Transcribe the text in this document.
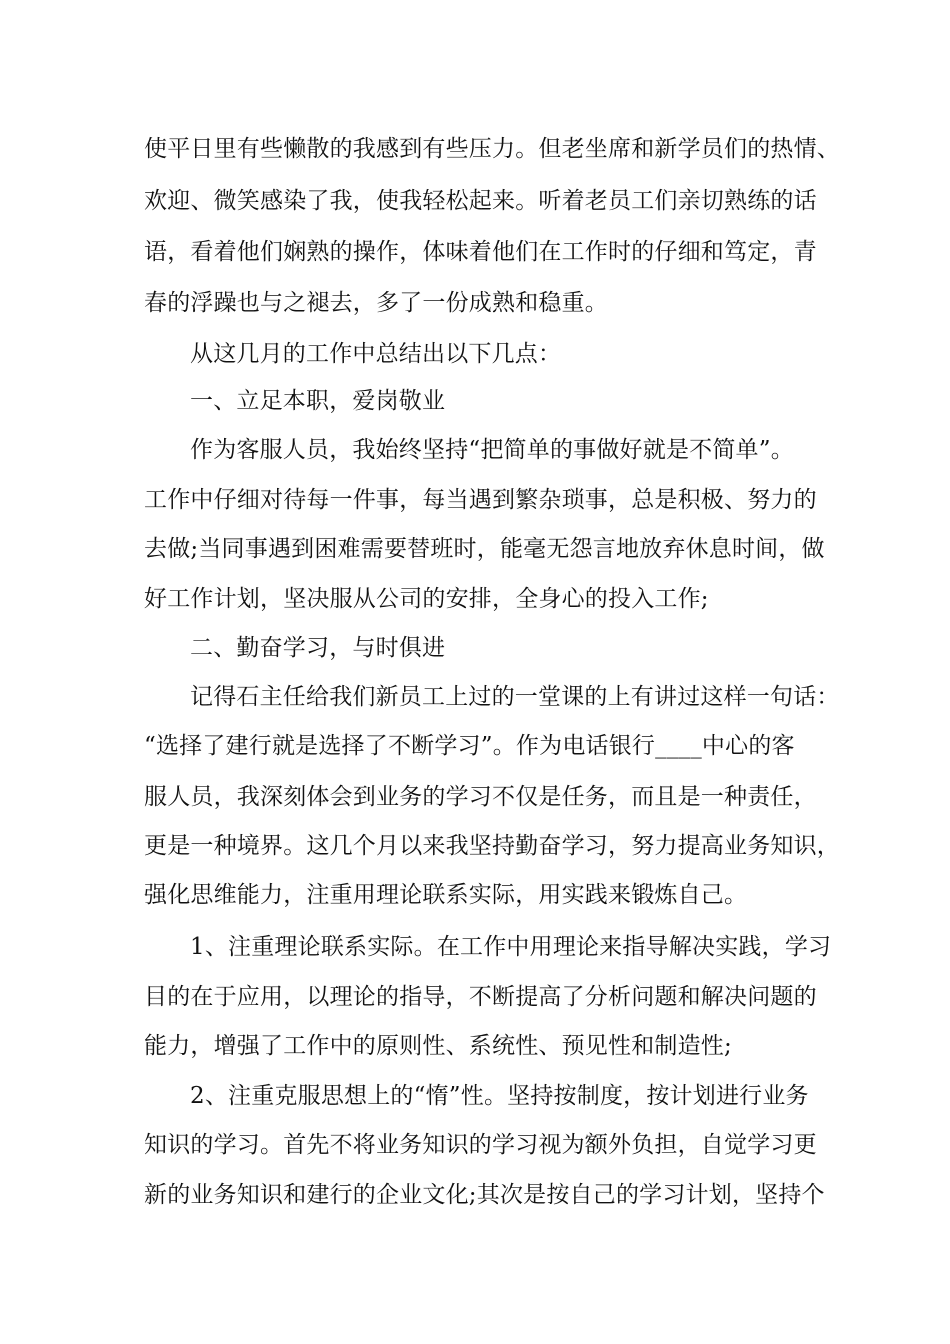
使平日里有些懒散的我感到有些压力。但老坐席和新学员们的热情、
欢迎、微笑感染了我，使我轻松起来。听着老员工们亲切熟练的话
语，看着他们娴熟的操作，体味着他们在工作时的仔细和笃定，青
春的浮躁也与之褪去，多了一份成熟和稳重。
从这几月的工作中总结出以下几点：
一、立足本职，爱岗敬业
作为客服人员，我始终坚持“把简单的事做好就是不简单”。
工作中仔细对待每一件事，每当遇到繁杂琐事，总是积极、努力的
去做;当同事遇到困难需要替班时，能毫无怨言地放弃休息时间，做
好工作计划，坚决服从公司的安排，全身心的投入工作;
二、勤奋学习，与时俱进
记得石主任给我们新员工上过的一堂课的上有讲过这样一句话：
“选择了建行就是选择了不断学习”。作为电话银行____中心的客
服人员，我深刻体会到业务的学习不仅是任务，而且是一种责任，
更是一种境界。这几个月以来我坚持勤奋学习，努力提高业务知识，
强化思维能力，注重用理论联系实际，用实践来锻炼自己。
1、注重理论联系实际。在工作中用理论来指导解决实践，学习
目的在于应用，以理论的指导，不断提高了分析问题和解决问题的
能力，增强了工作中的原则性、系统性、预见性和制造性;
2、注重克服思想上的“惰”性。坚持按制度，按计划进行业务
知识的学习。首先不将业务知识的学习视为额外负担，自觉学习更
新的业务知识和建行的企业文化;其次是按自己的学习计划，坚持个
